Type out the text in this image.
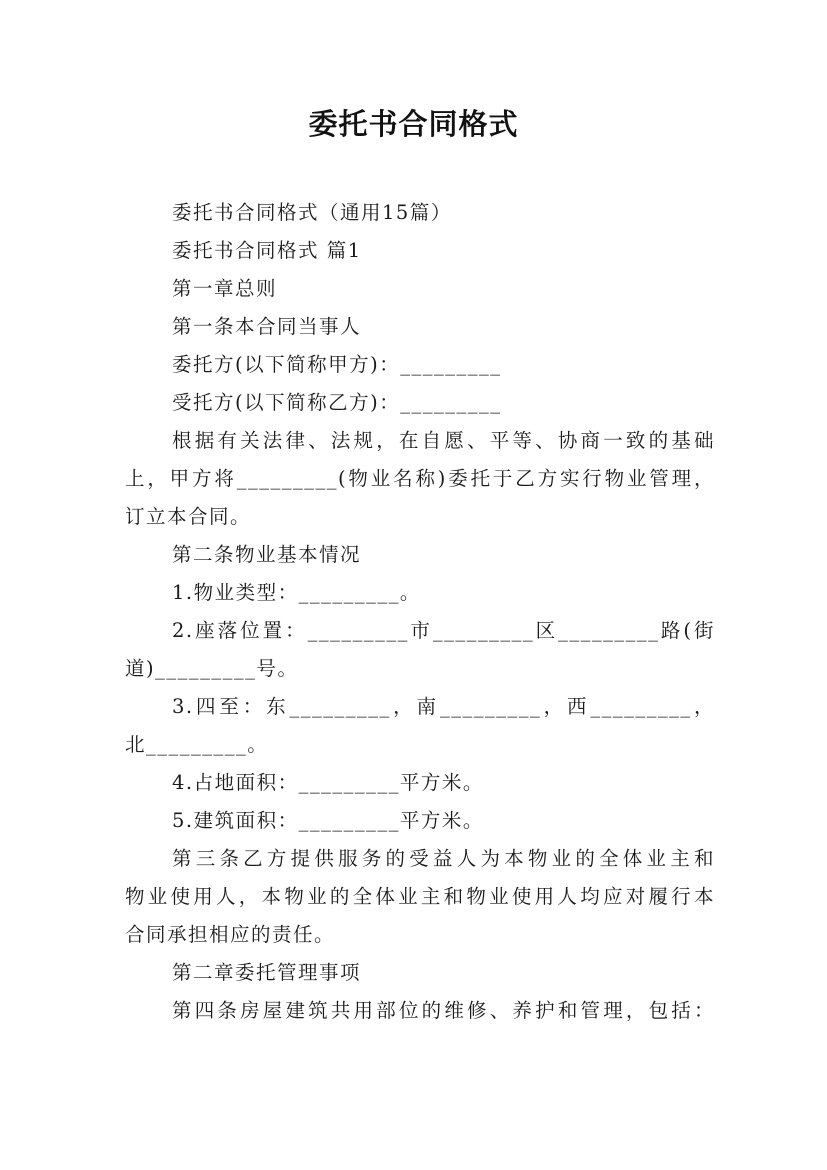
委托书合同格式
委托书合同格式（通用15篇）
委托书合同格式 篇1
第一章总则
第一条本合同当事人
委托方(以下简称甲方)：_________
受托方(以下简称乙方)：_________
根据有关法律、法规，在自愿、平等、协商一致的基础
上，甲方将_________(物业名称)委托于乙方实行物业管理，
订立本合同。
第二条物业基本情况
1.物业类型：_________。
2.座落位置：_________市_________区_________路(街
道)_________号。
3.四至：东_________，南_________，西_________，
北_________。
4.占地面积：_________平方米。
5.建筑面积：_________平方米。
第三条乙方提供服务的受益人为本物业的全体业主和
物业使用人，本物业的全体业主和物业使用人均应对履行本
合同承担相应的责任。
第二章委托管理事项
第四条房屋建筑共用部位的维修、养护和管理，包括：
